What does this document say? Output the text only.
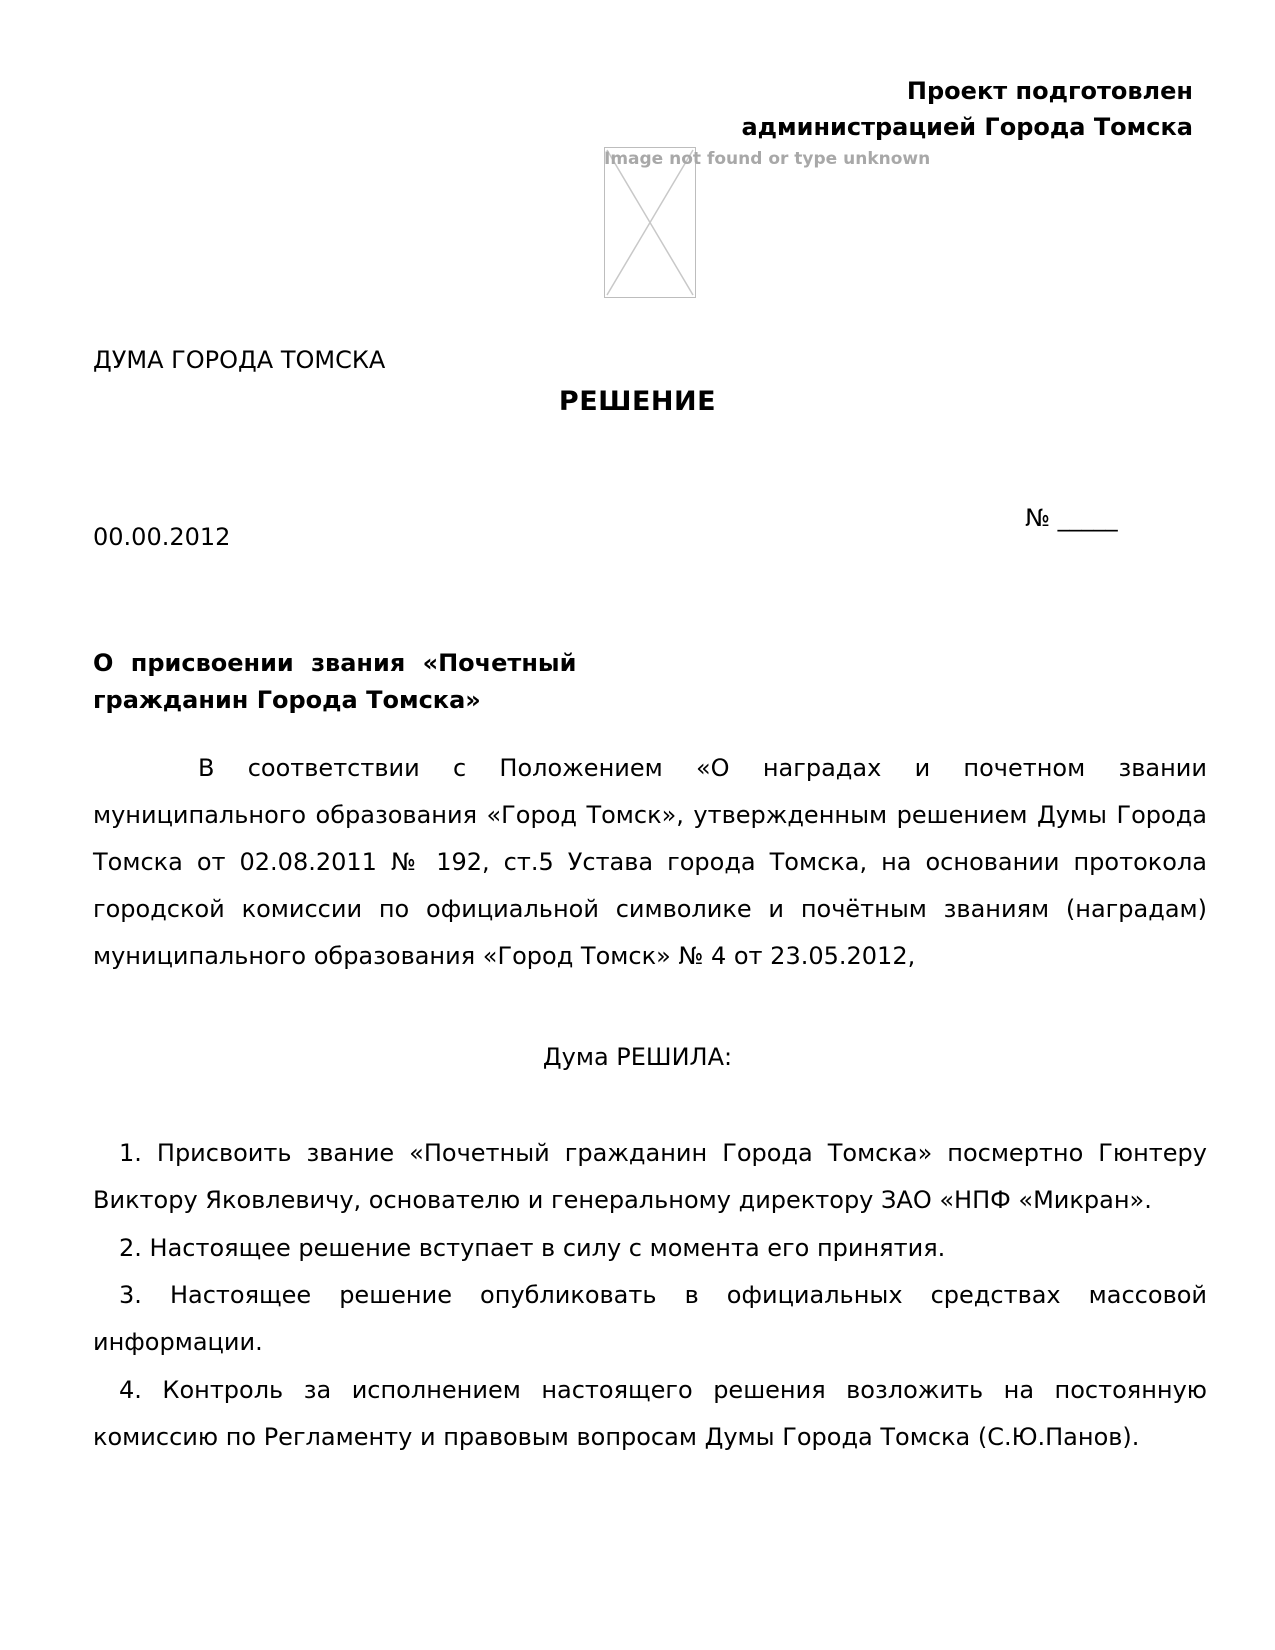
Проект подготовлен
администрацией Города Томска
Image not found or type unknown
ДУМА ГОРОДА ТОМСКА
РЕШЕНИЕ
00.00.2012
№ _____
О присвоении звания «Почетный
гражданин Города Томска»
В соответствии с Положением «О наградах и почетном звании муниципального образования «Город Томск», утвержденным решением Думы Города Томска от 02.08.2011 № 192, ст.5 Устава города Томска, на основании протокола городской комиссии по официальной символике и почётным званиям (наградам) муниципального образования «Город Томск» № 4 от 23.05.2012,
Дума РЕШИЛА:
1. Присвоить звание «Почетный гражданин Города Томска» посмертно Гюнтеру Виктору Яковлевичу, основателю и генеральному директору ЗАО «НПФ «Микран».
2. Настоящее решение вступает в силу с момента его принятия.
3. Настоящее решение опубликовать в официальных средствах массовой информации.
4. Контроль за исполнением настоящего решения возложить на постоянную комиссию по Регламенту и правовым вопросам Думы Города Томска (С.Ю.Панов).
